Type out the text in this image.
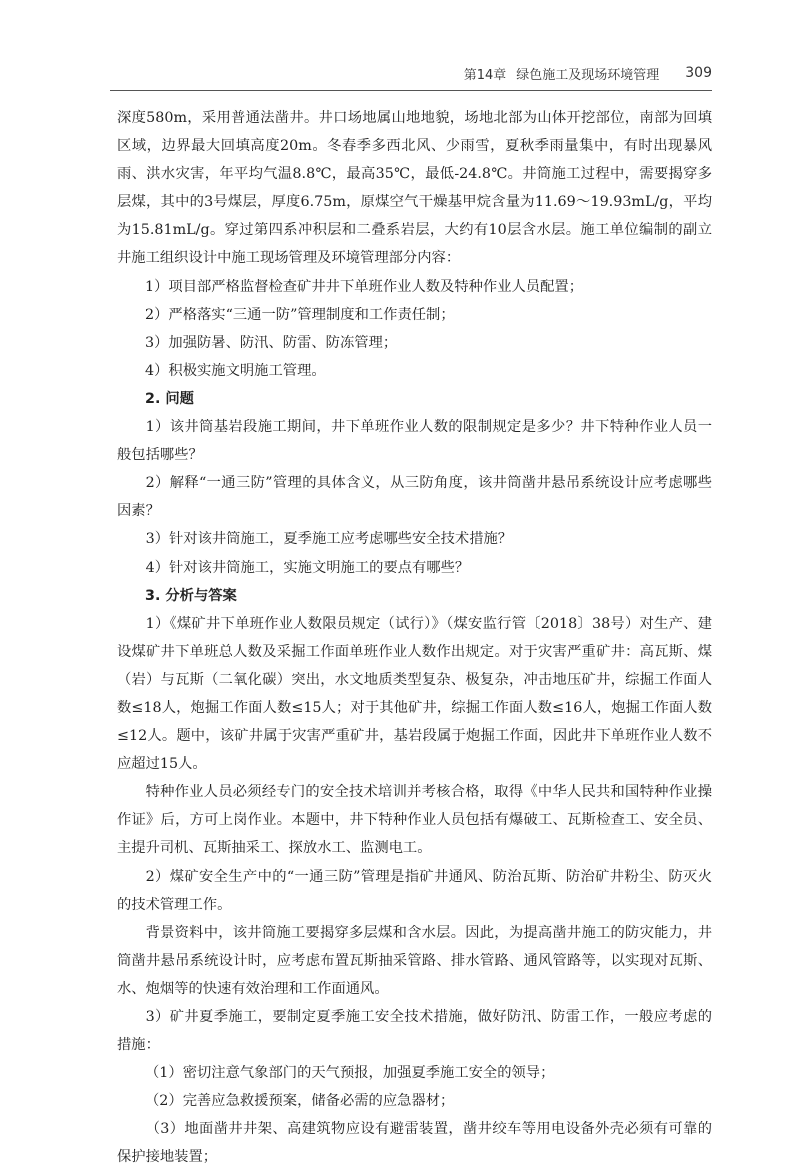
第14章 绿色施工及现场环境管理 309

深度580m，采用普通法凿井。井口场地属山地地貌，场地北部为山体开挖部位，南部为回填区域，边界最大回填高度20m。冬春季多西北风、少雨雪，夏秋季雨量集中，有时出现暴风雨、洪水灾害，年平均气温8.8℃，最高35℃，最低-24.8℃。井筒施工过程中，需要揭穿多层煤，其中的3号煤层，厚度6.75m，原煤空气干燥基甲烷含量为11.69～19.93mL/g，平均为15.81mL/g。穿过第四系冲积层和二叠系岩层，大约有10层含水层。施工单位编制的副立井施工组织设计中施工现场管理及环境管理部分内容：

1）项目部严格监督检查矿井井下单班作业人数及特种作业人员配置；

2）严格落实“三通一防”管理制度和工作责任制；

3）加强防暑、防汛、防雷、防冻管理；

4）积极实施文明施工管理。

2. 问题

1）该井筒基岩段施工期间，井下单班作业人数的限制规定是多少？井下特种作业人员一般包括哪些？

2）解释“一通三防”管理的具体含义，从三防角度，该井筒凿井悬吊系统设计应考虑哪些因素？

3）针对该井筒施工，夏季施工应考虑哪些安全技术措施？

4）针对该井筒施工，实施文明施工的要点有哪些？

3. 分析与答案

1）《煤矿井下单班作业人数限员规定（试行）》（煤安监行管〔2018〕38号）对生产、建设煤矿井下单班总人数及采掘工作面单班作业人数作出规定。对于灾害严重矿井：高瓦斯、煤（岩）与瓦斯（二氧化碳）突出，水文地质类型复杂、极复杂，冲击地压矿井，综掘工作面人数≤18人，炮掘工作面人数≤15人；对于其他矿井，综掘工作面人数≤16人，炮掘工作面人数≤12人。题中，该矿井属于灾害严重矿井，基岩段属于炮掘工作面，因此井下单班作业人数不应超过15人。

特种作业人员必须经专门的安全技术培训并考核合格，取得《中华人民共和国特种作业操作证》后，方可上岗作业。本题中，井下特种作业人员包括有爆破工、瓦斯检查工、安全员、主提升司机、瓦斯抽采工、探放水工、监测电工。

2）煤矿安全生产中的“一通三防”管理是指矿井通风、防治瓦斯、防治矿井粉尘、防灭火的技术管理工作。

背景资料中，该井筒施工要揭穿多层煤和含水层。因此，为提高凿井施工的防灾能力，井筒凿井悬吊系统设计时，应考虑布置瓦斯抽采管路、排水管路、通风管路等，以实现对瓦斯、水、炮烟等的快速有效治理和工作面通风。

3）矿井夏季施工，要制定夏季施工安全技术措施，做好防汛、防雷工作，一般应考虑的措施：

（1）密切注意气象部门的天气预报，加强夏季施工安全的领导；

（2）完善应急救援预案，储备必需的应急器材；

（3）地面凿井井架、高建筑物应设有避雷装置，凿井绞车等用电设备外壳必须有可靠的保护接地装置；
